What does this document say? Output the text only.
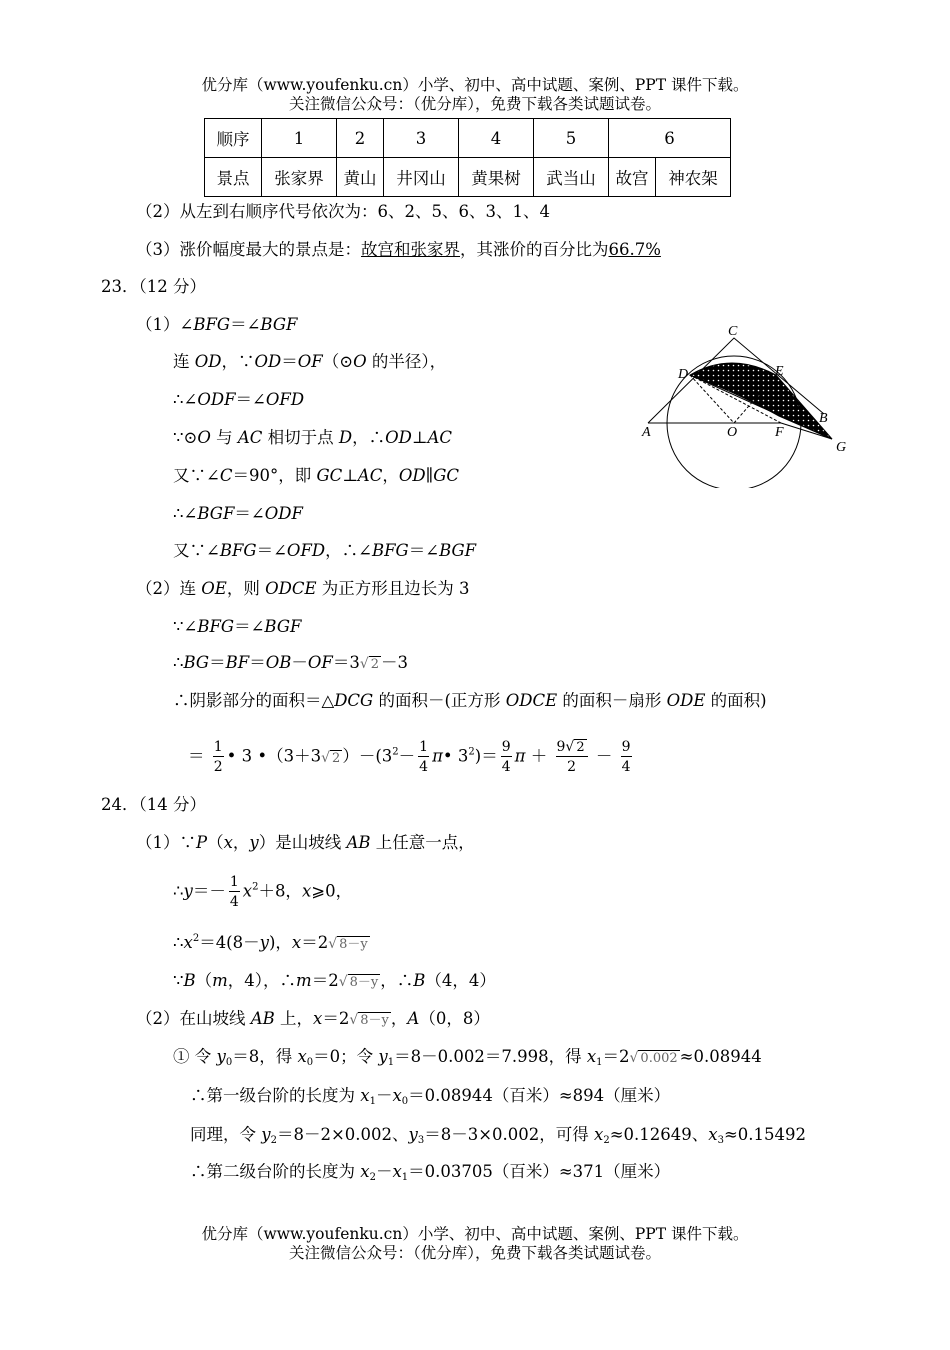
优分库（www.youfenku.cn）小学、初中、高中试题、案例、PPT 课件下载。
关注微信公众号：（优分库），免费下载各类试题试卷。
顺序	1	2	3	4	5	6	
景点	张家界	黄山	井冈山	黄果树	武当山	故宫	神农架
（2）从左到右顺序代号依次为：6、2、5、6、3、1、4
（3）涨价幅度最大的景点是：故宫和张家界，其涨价的百分比为66.7%
23．（12 分）
（1）∠BFG＝∠BGF
连 OD，∵OD＝OF（⊙O 的半径），
∴∠ODF＝∠OFD
∵⊙O 与 AC 相切于点 D，∴OD⊥AC
又∵∠C＝90°，即 GC⊥AC，OD∥GC
∴∠BGF＝∠ODF
又∵∠BFG＝∠OFD，∴∠BFG＝∠BGF
（2）连 OE，则 ODCE 为正方形且边长为 3
∵∠BFG＝∠BGF
∴BG＝BF＝OB－OF＝3√ 2 －3
∴阴影部分的面积＝△DCG 的面积－(正方形 ODCE 的面积－扇形 ODE 的面积)
＝ $\frac{1}{2}$ • 3 •（3＋3√ 2 ）$-(3^2- \frac{1}{4}$ π• $3^2)= \frac{9}{4}$ $\pi + \frac{9√ 2}{2} - \frac{9}{4}$
C
D	E
A	O	F
B
G
24．（14 分）
（1）∵P（x，y）是山坡线 AB 上任意一点，
∴y＝－ $\frac{1}{4} x^2+8$，x⩾0，
$\therefore x^2=4(8-y)$，x＝2√ 8－y
∵B（m，4），∴m＝2√ 8－y ，∴B（4，4）
（2）在山坡线 AB 上，x＝2√ 8－y ，A（0，8）
① 令 $y_0=8$，得 $x_0=0$；令 $y_1=8-0.002=7.998$，得 $x_1=2√$ 0.002 ≈0.08944
∴第一级台阶的长度为 $x_1-x_0=0.08944$（百米）≈894（厘米）
同理，令 $y_2=8-2\times 0.002$、$y_3=8-3\times 0.002$，可得 $x_2\approx 0.12649$、$x_3\approx 0.15492$
∴第二级台阶的长度为 $x_2-x_1=0.03705$（百米）≈371（厘米）
优分库（www.youfenku.cn）小学、初中、高中试题、案例、PPT 课件下载。
关注微信公众号：（优分库），免费下载各类试题试卷。
